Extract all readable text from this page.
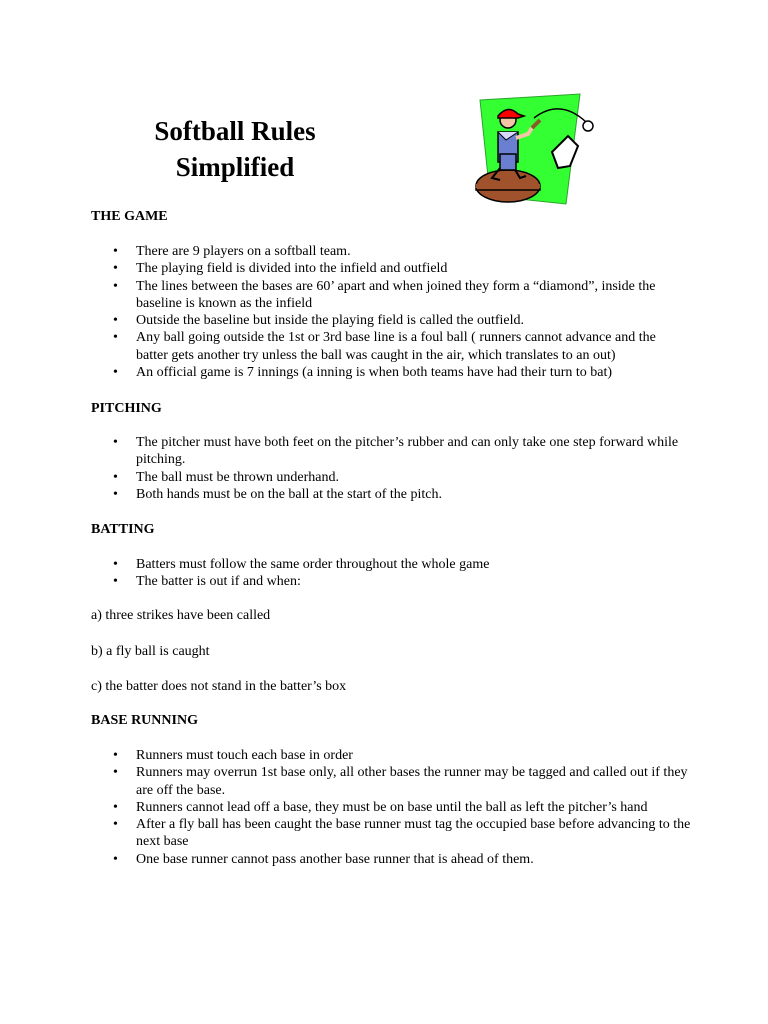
Softball Rules
Simplified
THE GAME
• There are 9 players on a softball team.
• The playing field is divided into the infield and outfield
• The lines between the bases are 60’ apart and when joined they form a “diamond”, inside the baseline is known as the infield
• Outside the baseline but inside the playing field is called the outfield.
• Any ball going outside the 1st or 3rd base line is a foul ball ( runners cannot advance and the batter gets another try unless the ball was caught in the air, which translates to an out)
• An official game is 7 innings (a inning is when both teams have had their turn to bat)
PITCHING
• The pitcher must have both feet on the pitcher’s rubber and can only take one step forward while pitching.
• The ball must be thrown underhand.
• Both hands must be on the ball at the start of the pitch.
BATTING
• Batters must follow the same order throughout the whole game
• The batter is out if and when:
a) three strikes have been called
b) a fly ball is caught
c) the batter does not stand in the batter’s box
BASE RUNNING
• Runners must touch each base in order
• Runners may overrun 1st base only, all other bases the runner may be tagged and called out if they are off the base.
• Runners cannot lead off a base, they must be on base until the ball as left the pitcher’s hand
• After a fly ball has been caught the base runner must tag the occupied base before advancing to the next base
• One base runner cannot pass another base runner that is ahead of them.
